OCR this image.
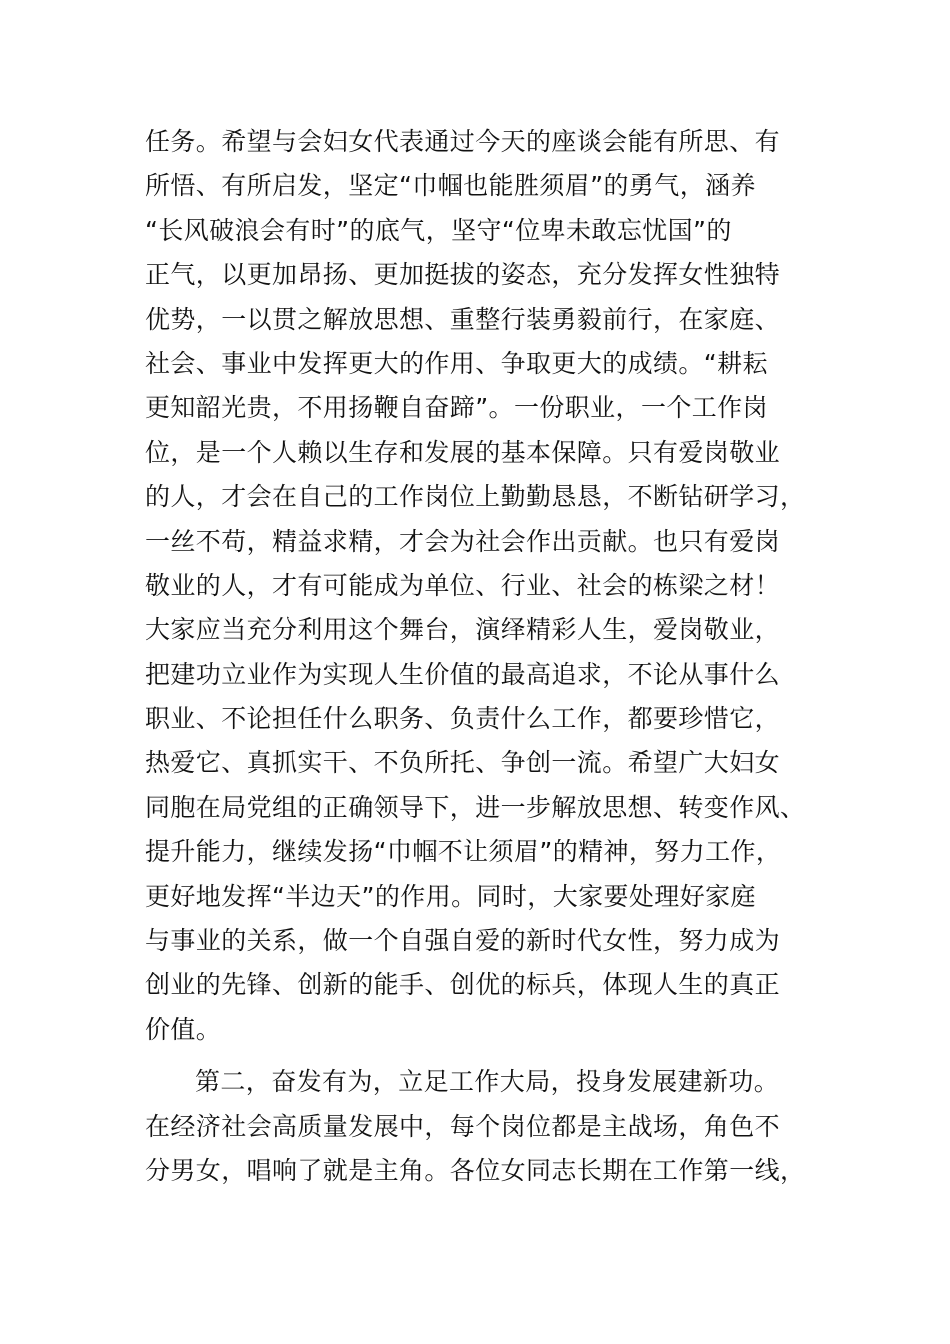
任务。希望与会妇女代表通过今天的座谈会能有所思、有
所悟、有所启发，坚定“巾帼也能胜须眉”的勇气，涵养
“长风破浪会有时”的底气，坚守“位卑未敢忘忧国”的
正气，以更加昂扬、更加挺拔的姿态，充分发挥女性独特
优势，一以贯之解放思想、重整行装勇毅前行，在家庭、
社会、事业中发挥更大的作用、争取更大的成绩。“耕耘
更知韶光贵，不用扬鞭自奋蹄”。一份职业，一个工作岗
位，是一个人赖以生存和发展的基本保障。只有爱岗敬业
的人，才会在自己的工作岗位上勤勤恳恳，不断钻研学习，
一丝不苟，精益求精，才会为社会作出贡献。也只有爱岗
敬业的人，才有可能成为单位、行业、社会的栋梁之材！
大家应当充分利用这个舞台，演绎精彩人生，爱岗敬业，
把建功立业作为实现人生价值的最高追求，不论从事什么
职业、不论担任什么职务、负责什么工作，都要珍惜它，
热爱它、真抓实干、不负所托、争创一流。希望广大妇女
同胞在局党组的正确领导下，进一步解放思想、转变作风、
提升能力，继续发扬“巾帼不让须眉”的精神，努力工作，
更好地发挥“半边天”的作用。同时，大家要处理好家庭
与事业的关系，做一个自强自爱的新时代女性，努力成为
创业的先锋、创新的能手、创优的标兵，体现人生的真正
价值。
第二，奋发有为，立足工作大局，投身发展建新功。
在经济社会高质量发展中，每个岗位都是主战场，角色不
分男女，唱响了就是主角。各位女同志长期在工作第一线，
